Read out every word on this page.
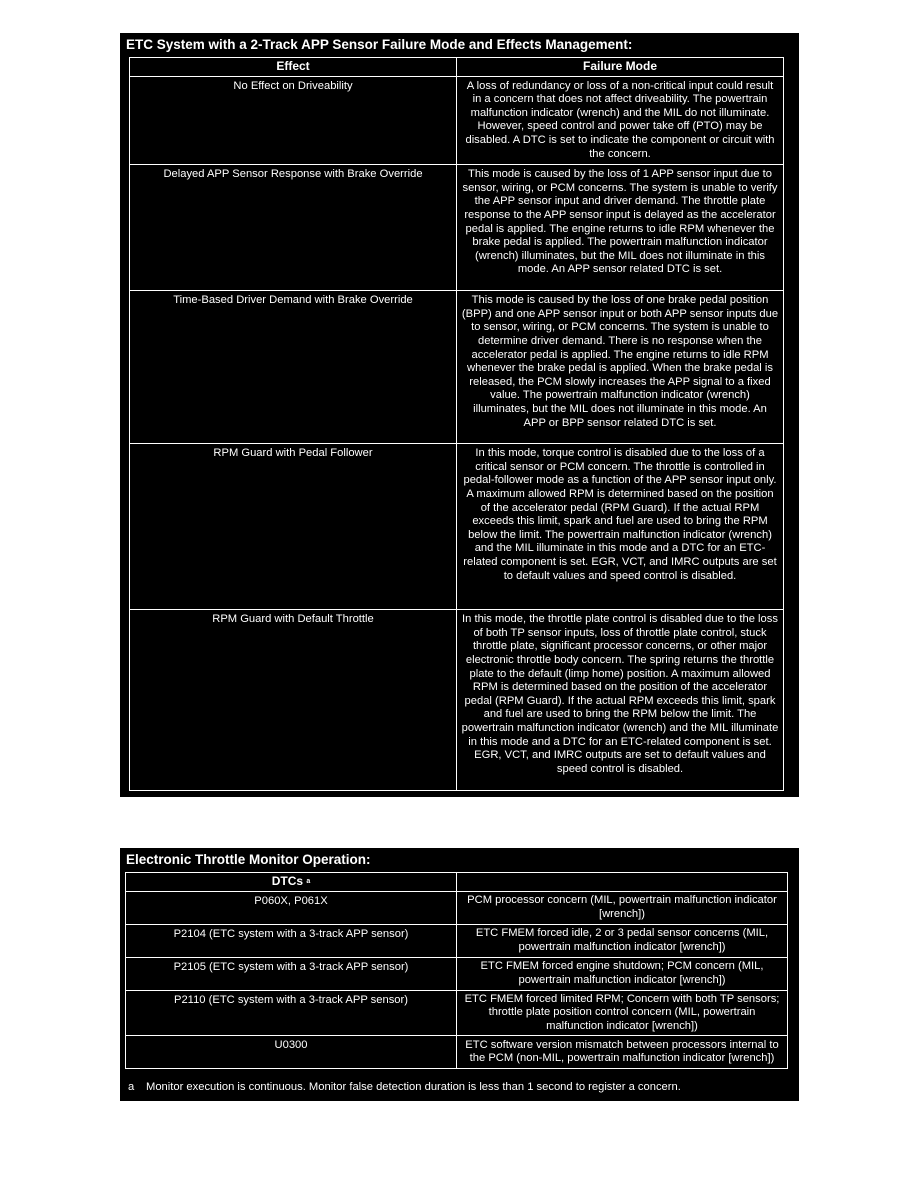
ETC System with a 2-Track APP Sensor Failure Mode and Effects Management:
Effect	Failure Mode
No Effect on Driveability	A loss of redundancy or loss of a non-critical input could result in a concern that does not affect driveability. The powertrain malfunction indicator (wrench) and the MIL do not illuminate. However, speed control and power take off (PTO) may be disabled. A DTC is set to indicate the component or circuit with the concern.
Delayed APP Sensor Response with Brake Override	This mode is caused by the loss of 1 APP sensor input due to sensor, wiring, or PCM concerns. The system is unable to verify the APP sensor input and driver demand. The throttle plate response to the APP sensor input is delayed as the accelerator pedal is applied. The engine returns to idle RPM whenever the brake pedal is applied. The powertrain malfunction indicator (wrench) illuminates, but the MIL does not illuminate in this mode. An APP sensor related DTC is set.
Time-Based Driver Demand with Brake Override	This mode is caused by the loss of one brake pedal position (BPP) and one APP sensor input or both APP sensor inputs due to sensor, wiring, or PCM concerns. The system is unable to determine driver demand. There is no response when the accelerator pedal is applied. The engine returns to idle RPM whenever the brake pedal is applied. When the brake pedal is released, the PCM slowly increases the APP signal to a fixed value. The powertrain malfunction indicator (wrench) illuminates, but the MIL does not illuminate in this mode. An APP or BPP sensor related DTC is set.
RPM Guard with Pedal Follower	In this mode, torque control is disabled due to the loss of a critical sensor or PCM concern. The throttle is controlled in pedal-follower mode as a function of the APP sensor input only. A maximum allowed RPM is determined based on the position of the accelerator pedal (RPM Guard). If the actual RPM exceeds this limit, spark and fuel are used to bring the RPM below the limit. The powertrain malfunction indicator (wrench) and the MIL illuminate in this mode and a DTC for an ETC-related component is set. EGR, VCT, and IMRC outputs are set to default values and speed control is disabled.
RPM Guard with Default Throttle	In this mode, the throttle plate control is disabled due to the loss of both TP sensor inputs, loss of throttle plate control, stuck throttle plate, significant processor concerns, or other major electronic throttle body concern. The spring returns the throttle plate to the default (limp home) position. A maximum allowed RPM is determined based on the position of the accelerator pedal (RPM Guard). If the actual RPM exceeds this limit, spark and fuel are used to bring the RPM below the limit. The powertrain malfunction indicator (wrench) and the MIL illuminate in this mode and a DTC for an ETC-related component is set. EGR, VCT, and IMRC outputs are set to default values and speed control is disabled.
Electronic Throttle Monitor Operation:
DTCs $^a$	
P060X, P061X	PCM processor concern (MIL, powertrain malfunction indicator [wrench])
P2104 (ETC system with a 3-track APP sensor)	ETC FMEM forced idle, 2 or 3 pedal sensor concerns (MIL, powertrain malfunction indicator [wrench])
P2105 (ETC system with a 3-track APP sensor)	ETC FMEM forced engine shutdown; PCM concern (MIL, powertrain malfunction indicator [wrench])
P2110 (ETC system with a 3-track APP sensor)	ETC FMEM forced limited RPM; Concern with both TP sensors; throttle plate position control concern (MIL, powertrain malfunction indicator [wrench])
U0300	ETC software version mismatch between processors internal to the PCM (non-MIL, powertrain malfunction indicator [wrench])
a Monitor execution is continuous. Monitor false detection duration is less than 1 second to register a concern.
